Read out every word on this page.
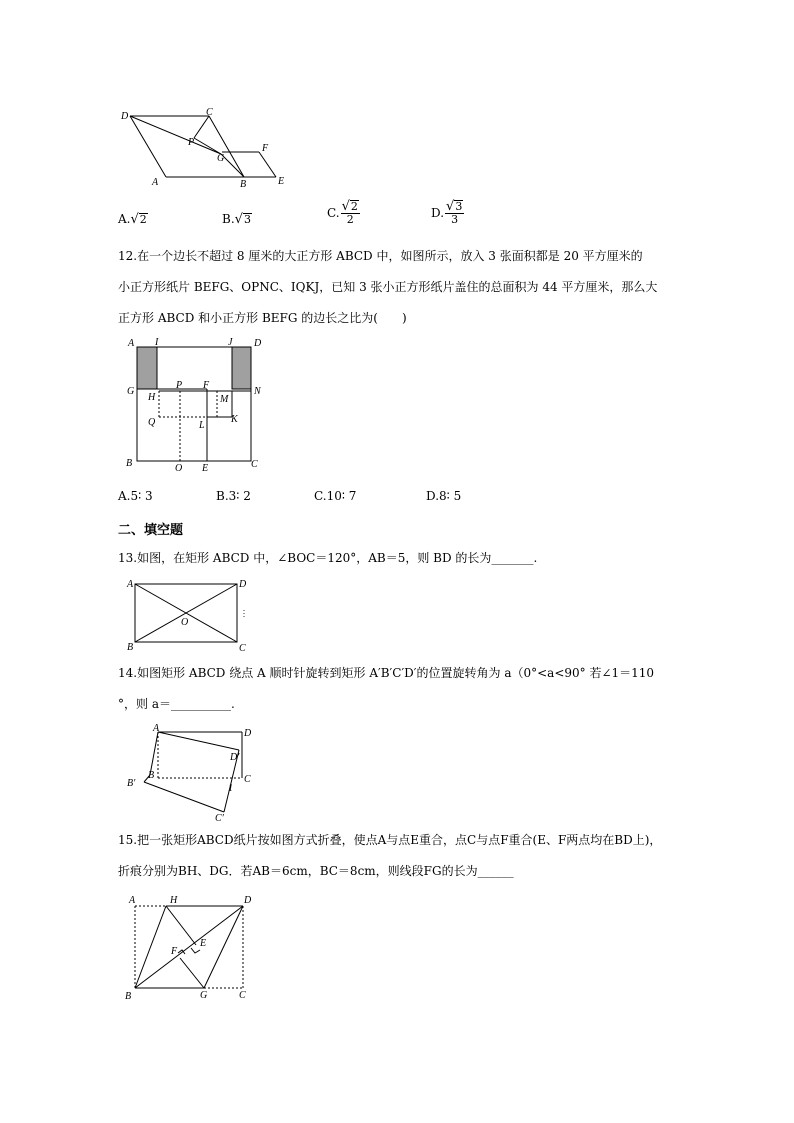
D	C
P
G
F
A	B	E
A. √ 2	B. √ 3	C. $\frac{√ 2}{2}$	D. $\frac{√ 3}{3}$
12.在一个边长不超过 8 厘米的大正方形 ABCD 中，如图所示，放入 3 张面积都是 20 平方厘米的
小正方形纸片 BEFG、OPNC、IQKJ，已知 3 张小正方形纸片盖住的总面积为 44 平方厘米，那么大
正方形 ABCD 和小正方形 BEFG 的边长之比为(　　)
A I	J D
G
H
P F
M
N
Q	L
K
B	O E	C
A.5∶ 3	B.3∶ 2	C.10∶ 7	D.8∶ 5
二、填空题
13.如图，在矩形 ABCD 中，∠BOC＝120°，AB＝5，则 BD 的长为_______.
A	D
O
B	C
14.如图矩形 ABCD 绕点 A 顺时针旋转到矩形 A′B′C′D′的位置旋转角为 a（0°<a<90° 若∠1＝110
°，则 a＝__________.
A	D
D′
B	C
B′	1
C′
15.把一张矩形ABCD纸片按如图方式折叠，使点A与点E重合，点C与点F重合(E、F两点均在BD上)，
折痕分别为BH、DG．若AB＝6cm，BC＝8cm，则线段FG的长为______
A	H	D
E
F
B	G	C
